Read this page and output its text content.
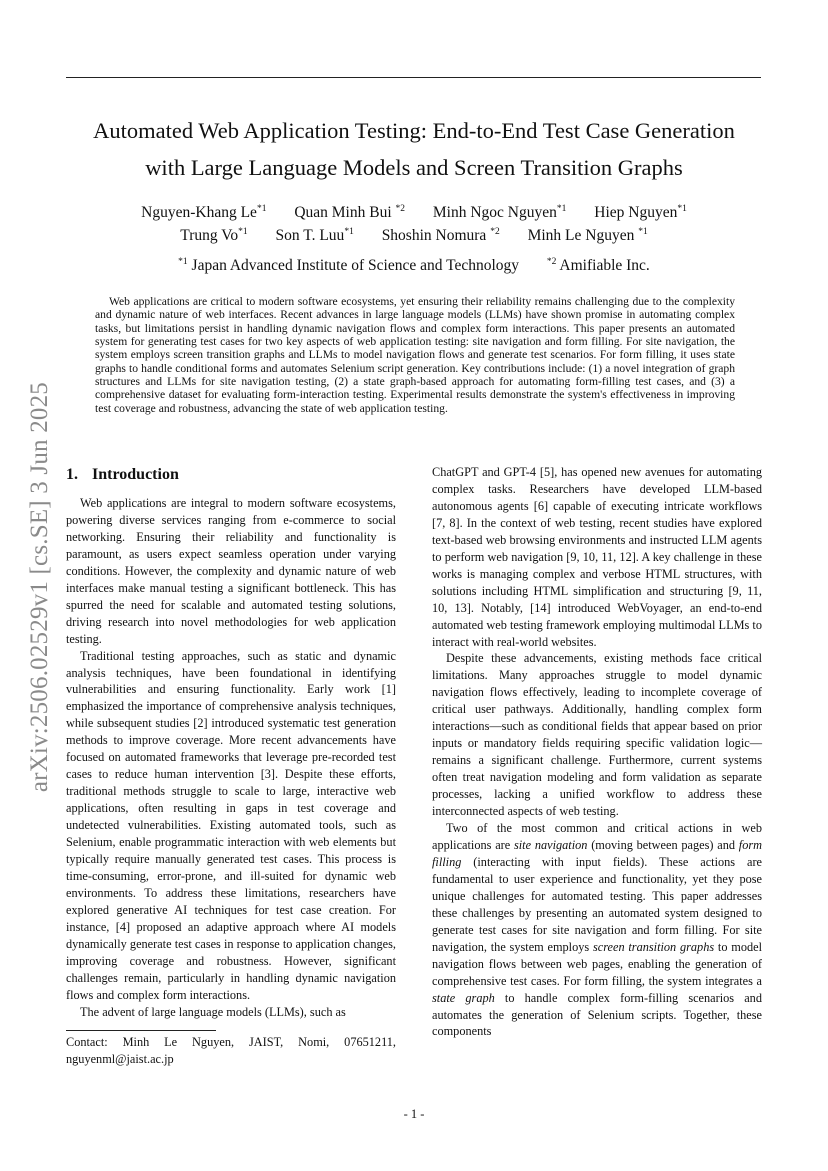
arXiv:2506.02529v1 [cs.SE] 3 Jun 2025
Automated Web Application Testing: End-to-End Test Case Generation
with Large Language Models and Screen Transition Graphs
Nguyen-Khang Le$^{*1}$ Quan Minh Bui $^{*2}$ Minh Ngoc Nguyen$^{*1}$ Hiep Nguyen$^{*1}$
Trung Vo$^{*1}$ Son T. Luu$^{*1}$ Shoshin Nomura $^{*2}$ Minh Le Nguyen $^{*1}$
$^{*1}$ Japan Advanced Institute of Science and Technology	$^{*2}$ Amifiable Inc.
Web applications are critical to modern software ecosystems, yet ensuring their reliability remains challenging due to the complexity and dynamic nature of web interfaces. Recent advances in large language models (LLMs) have shown promise in automating complex tasks, but limitations persist in handling dynamic navigation flows and complex form interactions. This paper presents an automated system for generating test cases for two key aspects of web application testing: site navigation and form filling. For site navigation, the system employs screen transition graphs and LLMs to model navigation flows and generate test scenarios. For form filling, it uses state graphs to handle conditional forms and automates Selenium script generation. Key contributions include: (1) a novel integration of graph structures and LLMs for site navigation testing, (2) a state graph-based approach for automating form-filling test cases, and (3) a comprehensive dataset for evaluating form-interaction testing. Experimental results demonstrate the system's effectiveness in improving test coverage and robustness, advancing the state of web application testing.
1. Introduction

Web applications are integral to modern software ecosystems, powering diverse services ranging from e-commerce to social networking. Ensuring their reliability and functionality is paramount, as users expect seamless operation under varying conditions. However, the complexity and dynamic nature of web interfaces make manual testing a significant bottleneck. This has spurred the need for scalable and automated testing solutions, driving research into novel methodologies for web application testing.

Traditional testing approaches, such as static and dynamic analysis techniques, have been foundational in identifying vulnerabilities and ensuring functionality. Early work [1] emphasized the importance of comprehensive analysis techniques, while subsequent studies [2] introduced systematic test generation methods to improve coverage. More recent advancements have focused on automated frameworks that leverage pre-recorded test cases to reduce human intervention [3]. Despite these efforts, traditional methods struggle to scale to large, interactive web applications, often resulting in gaps in test coverage and undetected vulnerabilities. Existing automated tools, such as Selenium, enable programmatic interaction with web elements but typically require manually generated test cases. This process is time-consuming, error-prone, and ill-suited for dynamic web environments. To address these limitations, researchers have explored generative AI techniques for test case creation. For instance, [4] proposed an adaptive approach where AI models dynamically generate test cases in response to application changes, improving coverage and robustness. However, significant challenges remain, particularly in handling dynamic navigation flows and complex form interactions.

The advent of large language models (LLMs), such as

ChatGPT and GPT-4 [5], has opened new avenues for automating complex tasks. Researchers have developed LLM-based autonomous agents [6] capable of executing intricate workflows [7, 8]. In the context of web testing, recent studies have explored text-based web browsing environments and instructed LLM agents to perform web navigation [9, 10, 11, 12]. A key challenge in these works is managing complex and verbose HTML structures, with solutions including HTML simplification and structuring [9, 11, 10, 13]. Notably, [14] introduced WebVoyager, an end-to-end automated web testing framework employing multimodal LLMs to interact with real-world websites.

Despite these advancements, existing methods face critical limitations. Many approaches struggle to model dynamic navigation flows effectively, leading to incomplete coverage of critical user pathways. Additionally, handling complex form interactions—such as conditional fields that appear based on prior inputs or mandatory fields requiring specific validation logic—remains a significant challenge. Furthermore, current systems often treat navigation modeling and form validation as separate processes, lacking a unified workflow to address these interconnected aspects of web testing.

Two of the most common and critical actions in web applications are site navigation (moving between pages) and form filling (interacting with input fields). These actions are fundamental to user experience and functionality, yet they pose unique challenges for automated testing. This paper addresses these challenges by presenting an automated system designed to generate test cases for site navigation and form filling. For site navigation, the system employs screen transition graphs to model navigation flows between web pages, enabling the generation of comprehensive test cases. For form filling, the system integrates a state graph to handle complex form-filling scenarios and automates the generation of Selenium scripts. Together, these components

Contact: Minh Le Nguyen, JAIST, Nomi, 07651211, nguyenml@jaist.ac.jp
- 1 -
